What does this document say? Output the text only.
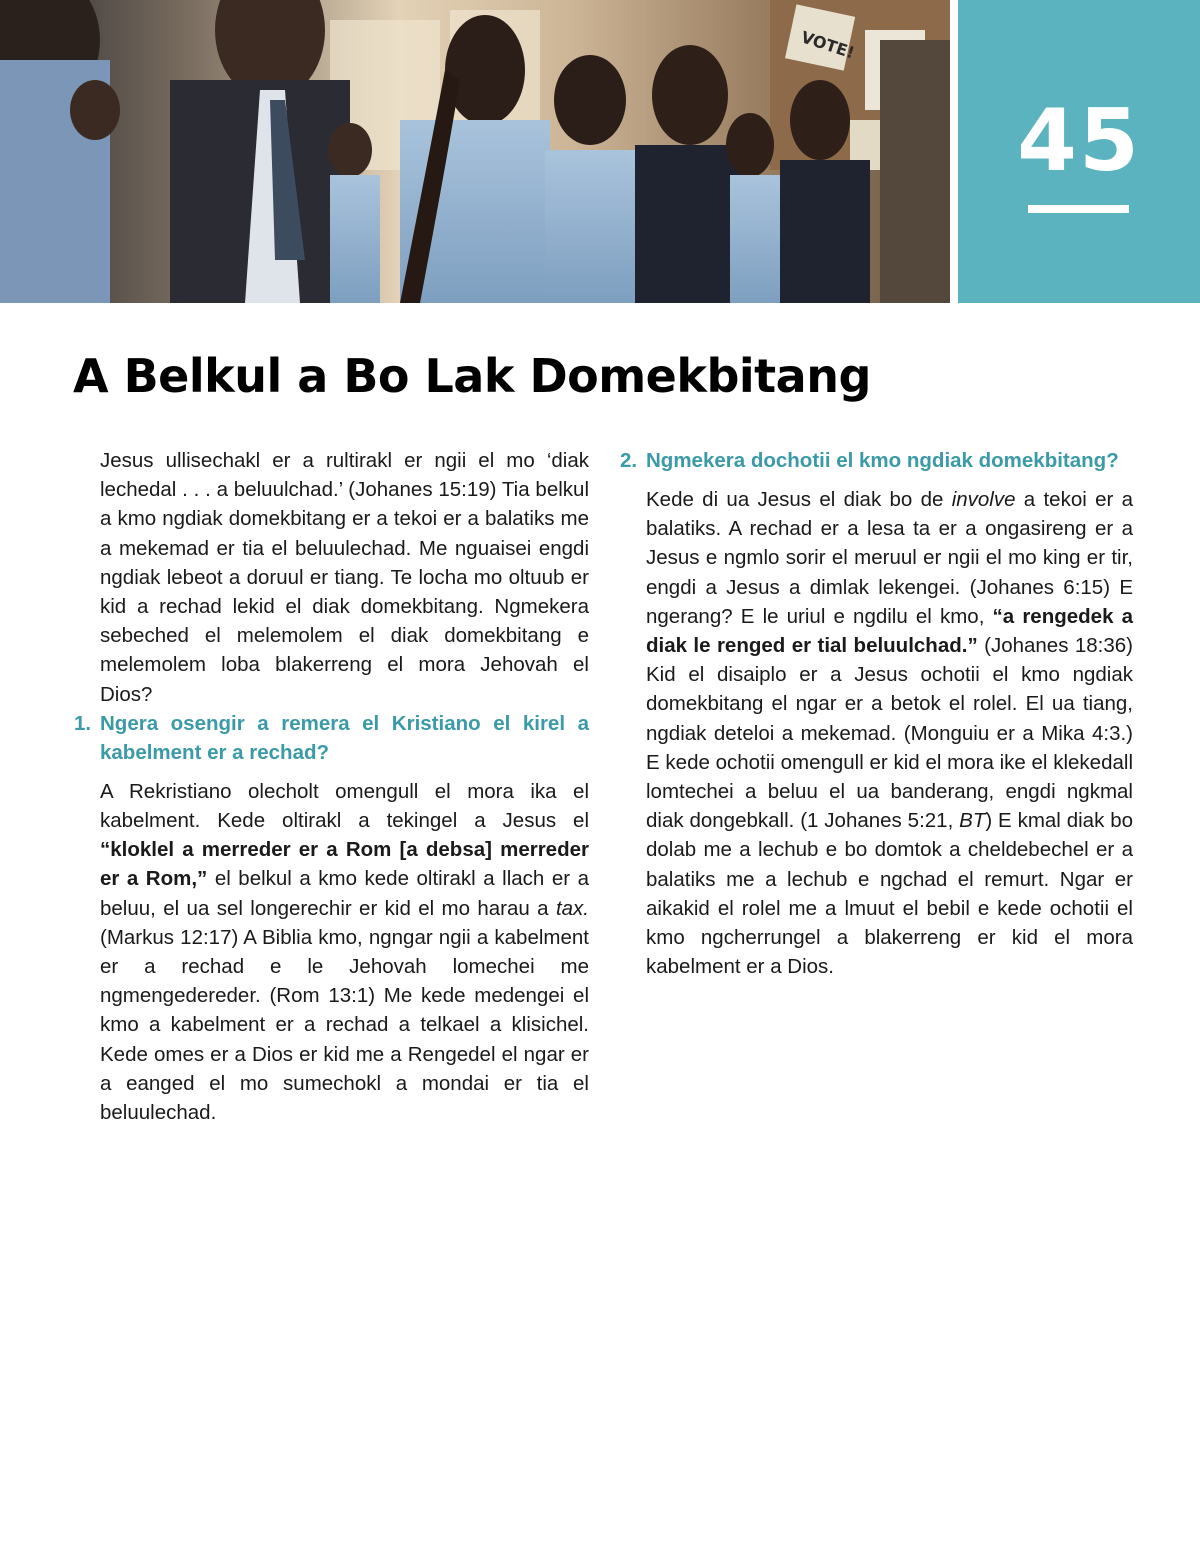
VOTE!
45
A Belkul a Bo Lak Domekbitang

Jesus ullisechakl er a rultirakl er ngii el mo ‘diak lechedal . . . a beluulchad.’ (Johanes 15:19) Tia belkul a kmo ngdiak domekbitang er a tekoi er a balatiks me a mekemad er tia el beluulechad. Me nguaisei engdi ngdiak lebeot a doruul er tiang. Te locha mo oltuub er kid a rechad lekid el diak domekbitang. Ngmekera sebeched el melemolem el diak domekbitang e melemolem loba blakerreng el mora Jehovah el Dios?

1. Ngera osengir a remera el Kristiano el kirel a kabelment er a rechad?

A Rekristiano olecholt omengull el mora ika el kabelment. Kede oltirakl a tekingel a Jesus el “kloklel a merreder er a Rom [a debsa] merreder er a Rom,” el belkul a kmo kede oltirakl a llach er a beluu, el ua sel longerechir er kid el mo harau a tax. (Markus 12:17) A Biblia kmo, ngngar ngii a kabelment er a rechad e le Jehovah lomechei me ngmengedereder. (Rom 13:1) Me kede medengei el kmo a kabelment er a rechad a telkael a klisichel. Kede omes er a Dios er kid me a Rengedel el ngar er a eanged el mo sumechokl a mondai er tia el beluulechad.

2. Ngmekera dochotii el kmo ngdiak domekbitang?

Kede di ua Jesus el diak bo de involve a tekoi er a balatiks. A rechad er a lesa ta er a ongasireng er a Jesus e ngmlo sorir el meruul er ngii el mo king er tir, engdi a Jesus a dimlak lekengei. (Johanes 6:15) E ngerang? E le uriul e ngdilu el kmo, “a rengedek a diak le renged er tial beluulchad.” (Johanes 18:36) Kid el disaiplo er a Jesus ochotii el kmo ngdiak domekbitang el ngar er a betok el rolel. El ua tiang, ngdiak deteloi a mekemad. (Monguiu er a Mika 4:3.) E kede ochotii omengull er kid el mora ike el klekedall lomtechei a beluu el ua banderang, engdi ngkmal diak dongebkall. (1 Johanes 5:21, BT) E kmal diak bo dolab me a lechub e bo domtok a cheldebechel er a balatiks me a lechub e ngchad el remurt. Ngar er aikakid el rolel me a lmuut el bebil e kede ochotii el kmo ngcherrungel a blakerreng er kid el mora kabelment er a Dios.
